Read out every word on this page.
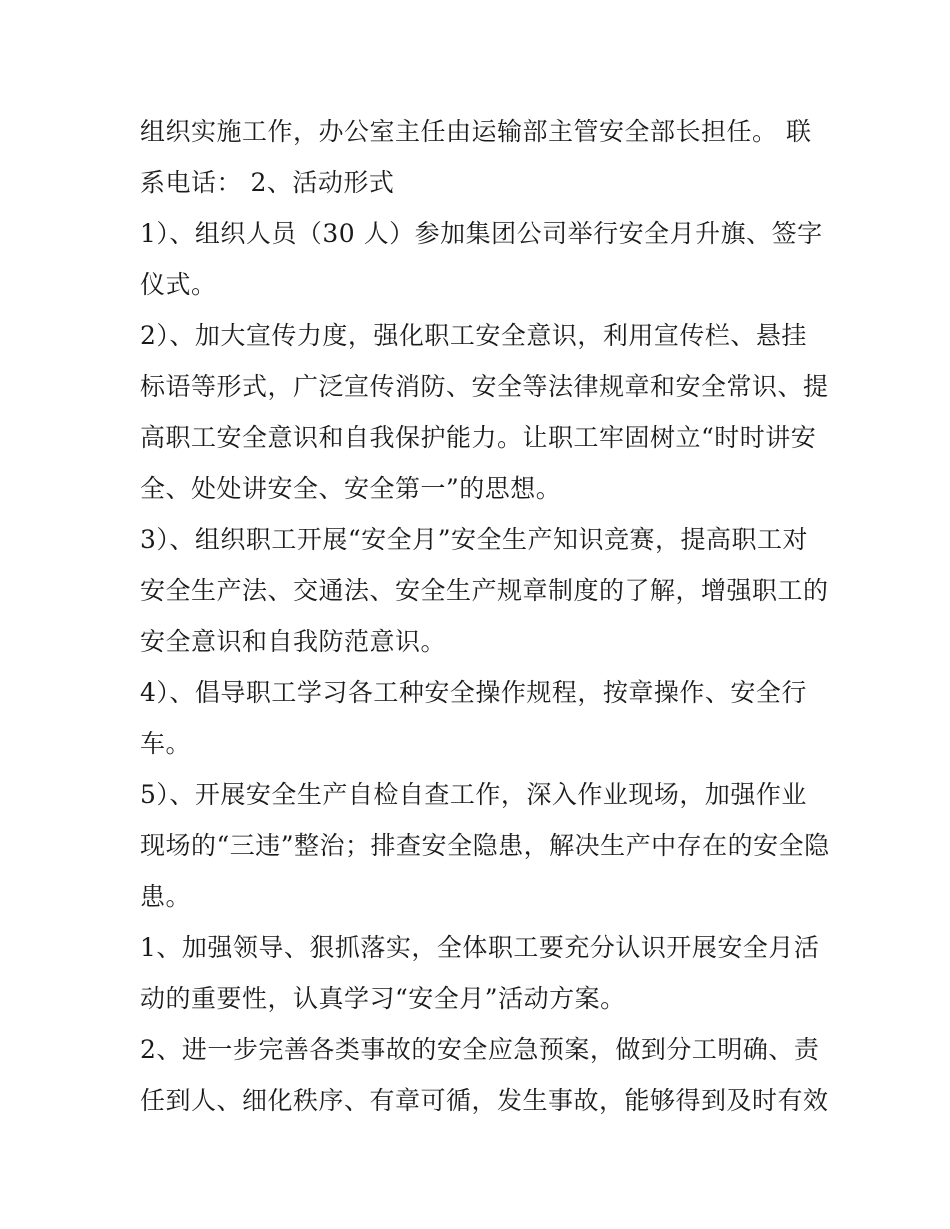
组织实施工作，办公室主任由运输部主管安全部长担任。 联
系电话： 2、活动形式
1）、组织人员（30 人）参加集团公司举行安全月升旗、签字
仪式。
2）、加大宣传力度，强化职工安全意识，利用宣传栏、悬挂
标语等形式，广泛宣传消防、安全等法律规章和安全常识、提
高职工安全意识和自我保护能力。让职工牢固树立“时时讲安
全、处处讲安全、安全第一”的思想。
3）、组织职工开展“安全月”安全生产知识竞赛，提高职工对
安全生产法、交通法、安全生产规章制度的了解，增强职工的
安全意识和自我防范意识。
4）、倡导职工学习各工种安全操作规程，按章操作、安全行
车。
5）、开展安全生产自检自查工作，深入作业现场，加强作业
现场的“三违”整治；排查安全隐患，解决生产中存在的安全隐
患。
1、加强领导、狠抓落实，全体职工要充分认识开展安全月活
动的重要性，认真学习“安全月”活动方案。
2、进一步完善各类事故的安全应急预案，做到分工明确、责
任到人、细化秩序、有章可循，发生事故，能够得到及时有效
